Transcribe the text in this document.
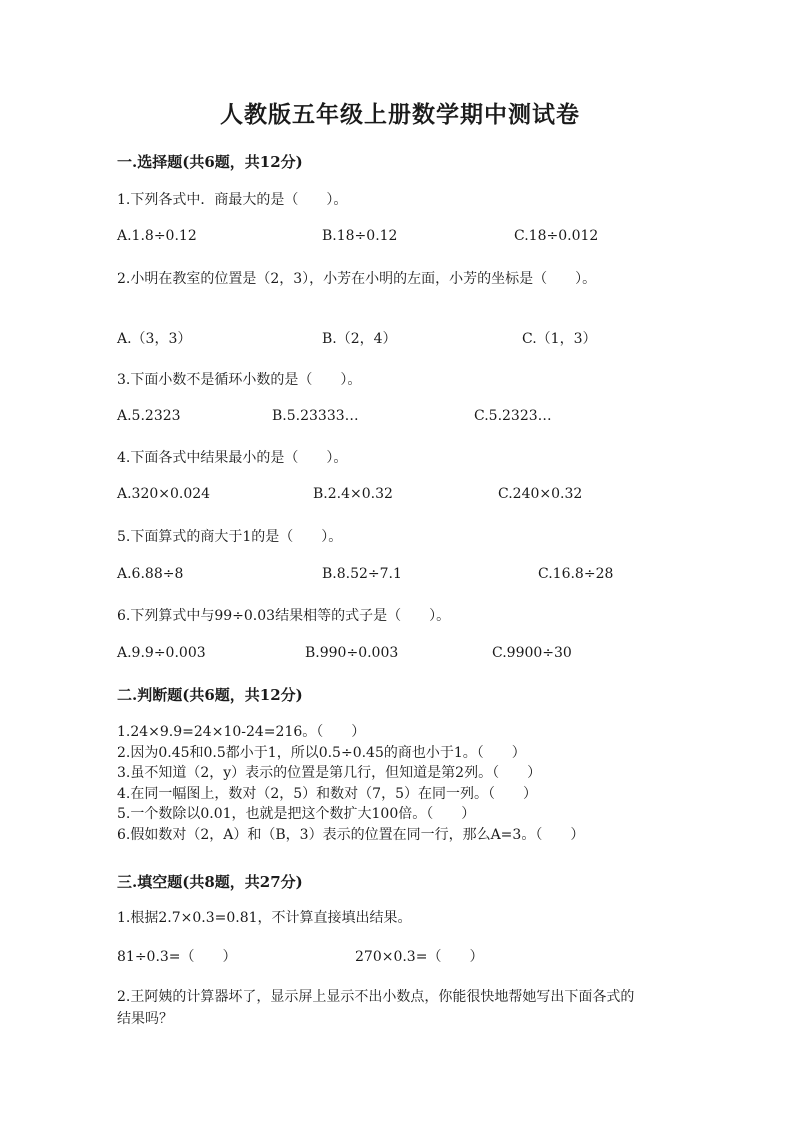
人教版五年级上册数学期中测试卷
一.选择题(共6题，共12分)
1.下列各式中．商最大的是（　　）。
A.1.8÷0.12	B.18÷0.12	C.18÷0.012
2.小明在教室的位置是（2，3），小芳在小明的左面，小芳的坐标是（　　）。
A.（3，3）	B.（2，4）	C.（1，3）
3.下面小数不是循环小数的是（　　）。
A.5.2323	B.5.23333…	C.5.2323…
4.下面各式中结果最小的是（　　）。
A.320×0.024	B.2.4×0.32	C.240×0.32
5.下面算式的商大于1的是（　　）。
A.6.88÷8	B.8.52÷7.1	C.16.8÷28
6.下列算式中与99÷0.03结果相等的式子是（　　）。
A.9.9÷0.003	B.990÷0.003	C.9900÷30
二.判断题(共6题，共12分)
1.24×9.9=24×10-24=216。（　　）
2.因为0.45和0.5都小于1，所以0.5÷0.45的商也小于1。（　　）
3.虽不知道（2，y）表示的位置是第几行，但知道是第2列。（　　）
4.在同一幅图上，数对（2，5）和数对（7，5）在同一列。（　　）
5.一个数除以0.01，也就是把这个数扩大100倍。（　　）
6.假如数对（2，A）和（B，3）表示的位置在同一行，那么A=3。（　　）
三.填空题(共8题，共27分)
1.根据2.7×0.3=0.81，不计算直接填出结果。
81÷0.3=（　　）	270×0.3=（　　）
2.王阿姨的计算器坏了，显示屏上显示不出小数点，你能很快地帮她写出下面各式的结果吗？
